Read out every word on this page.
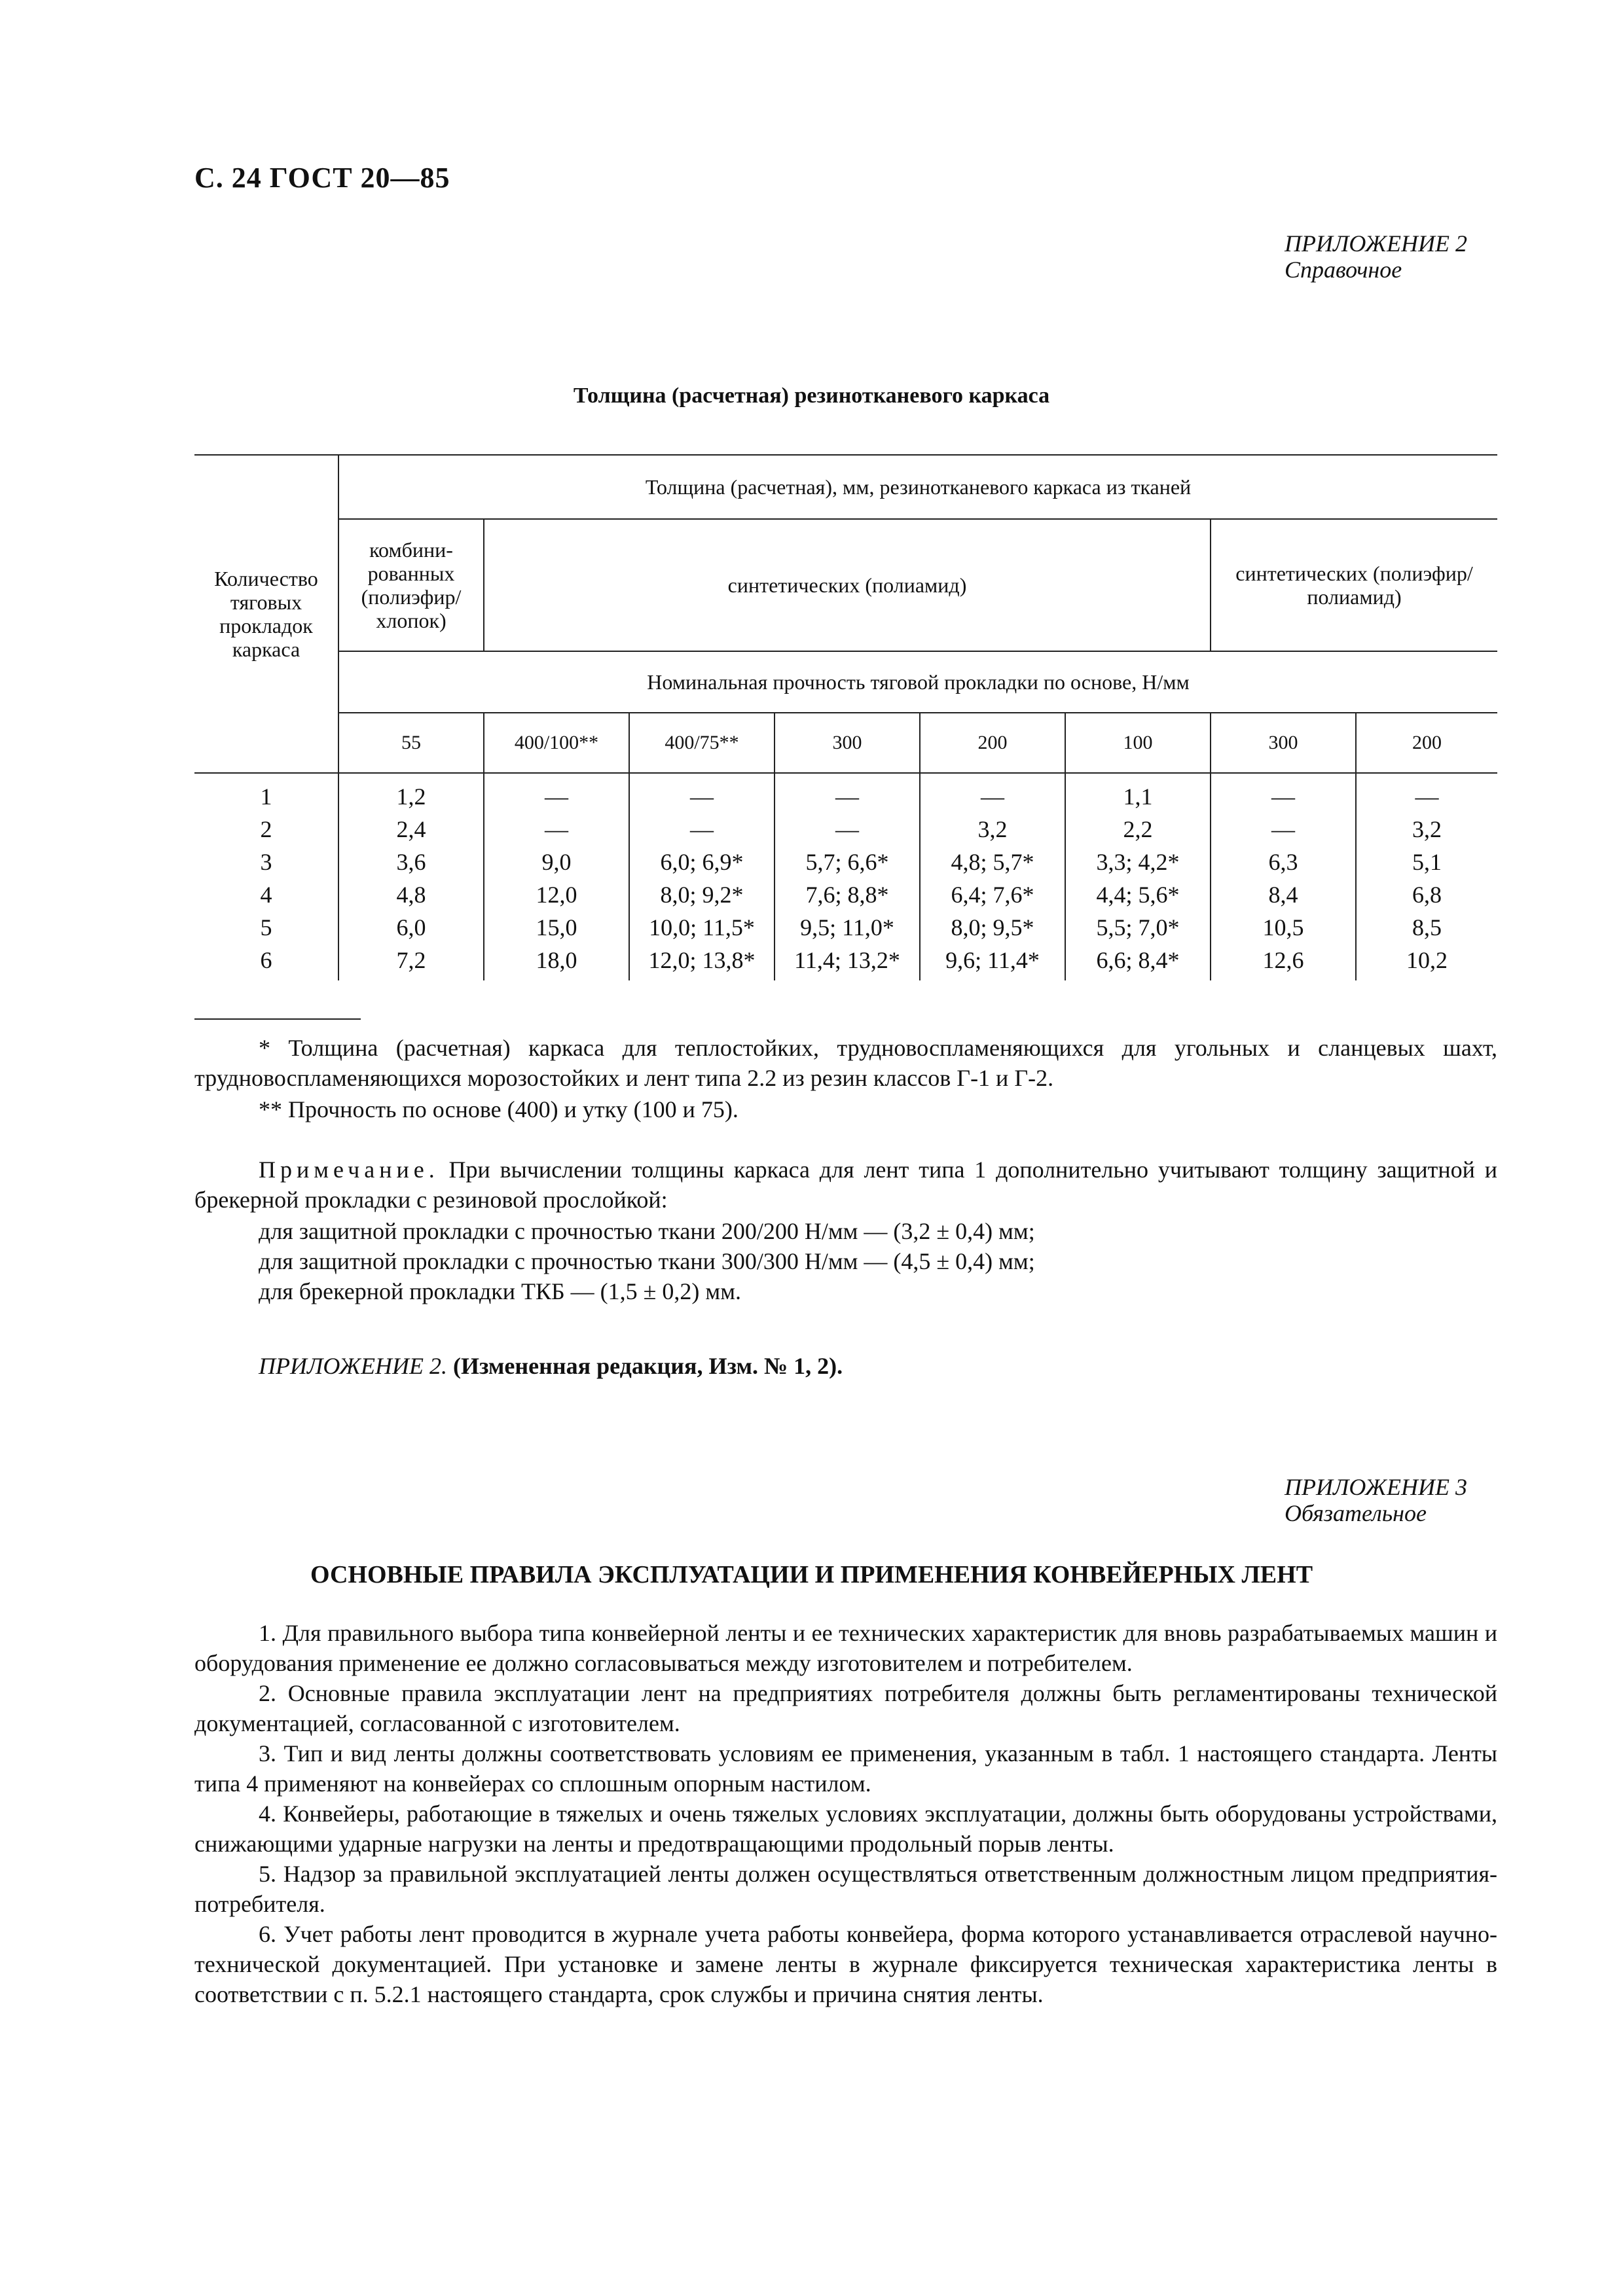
С. 24 ГОСТ 20—85
ПРИЛОЖЕНИЕ 2
Справочное
Толщина (расчетная) резинотканевого каркаса
Количество тяговых прокладок каркаса	Толщина (расчетная), мм, резинотканевого каркаса из тканей							

	комбини-рованных (полиэфир/хлопок)	синтетических (полиамид)					синтетических (полиэфир/полиамид)	

	Номинальная прочность тяговой прокладки по основе, Н/мм							
	55	400/100**	400/75**	300	200	100	300	200
1	1,2	—	—	—	—	1,1	—	—
2	2,4	—	—	—	3,2	2,2	—	3,2
3	3,6	9,0	6,0; 6,9*	5,7; 6,6*	4,8; 5,7*	3,3; 4,2*	6,3	5,1
4	4,8	12,0	8,0; 9,2*	7,6; 8,8*	6,4; 7,6*	4,4; 5,6*	8,4	6,8
5	6,0	15,0	10,0; 11,5*	9,5; 11,0*	8,0; 9,5*	5,5; 7,0*	10,5	8,5
6	7,2	18,0	12,0; 13,8*	11,4; 13,2*	9,6; 11,4*	6,6; 8,4*	12,6	10,2
* Толщина (расчетная) каркаса для теплостойких, трудновоспламеняющихся для угольных и сланцевых шахт, трудновоспламеняющихся морозостойких и лент типа 2.2 из резин классов Г-1 и Г-2.
** Прочность по основе (400) и утку (100 и 75).
Примечание. При вычислении толщины каркаса для лент типа 1 дополнительно учитывают толщину защитной и брекерной прокладки с резиновой прослойкой:
для защитной прокладки с прочностью ткани 200/200 Н/мм — (3,2 ± 0,4) мм;
для защитной прокладки с прочностью ткани 300/300 Н/мм — (4,5 ± 0,4) мм;
для брекерной прокладки ТКБ — (1,5 ± 0,2) мм.
ПРИЛОЖЕНИЕ 2. (Измененная редакция, Изм. № 1, 2).
ПРИЛОЖЕНИЕ 3
Обязательное
ОСНОВНЫЕ ПРАВИЛА ЭКСПЛУАТАЦИИ И ПРИМЕНЕНИЯ КОНВЕЙЕРНЫХ ЛЕНТ

1. Для правильного выбора типа конвейерной ленты и ее технических характеристик для вновь разрабатываемых машин и оборудования применение ее должно согласовываться между изготовителем и потребителем.

2. Основные правила эксплуатации лент на предприятиях потребителя должны быть регламентированы технической документацией, согласованной с изготовителем.

3. Тип и вид ленты должны соответствовать условиям ее применения, указанным в табл. 1 настоящего стандарта. Ленты типа 4 применяют на конвейерах со сплошным опорным настилом.

4. Конвейеры, работающие в тяжелых и очень тяжелых условиях эксплуатации, должны быть оборудованы устройствами, снижающими ударные нагрузки на ленты и предотвращающими продольный порыв ленты.

5. Надзор за правильной эксплуатацией ленты должен осуществляться ответственным должностным лицом предприятия-потребителя.

6. Учет работы лент проводится в журнале учета работы конвейера, форма которого устанавливается отраслевой научно-технической документацией. При установке и замене ленты в журнале фиксируется техническая характеристика ленты в соответствии с п. 5.2.1 настоящего стандарта, срок службы и причина снятия ленты.
